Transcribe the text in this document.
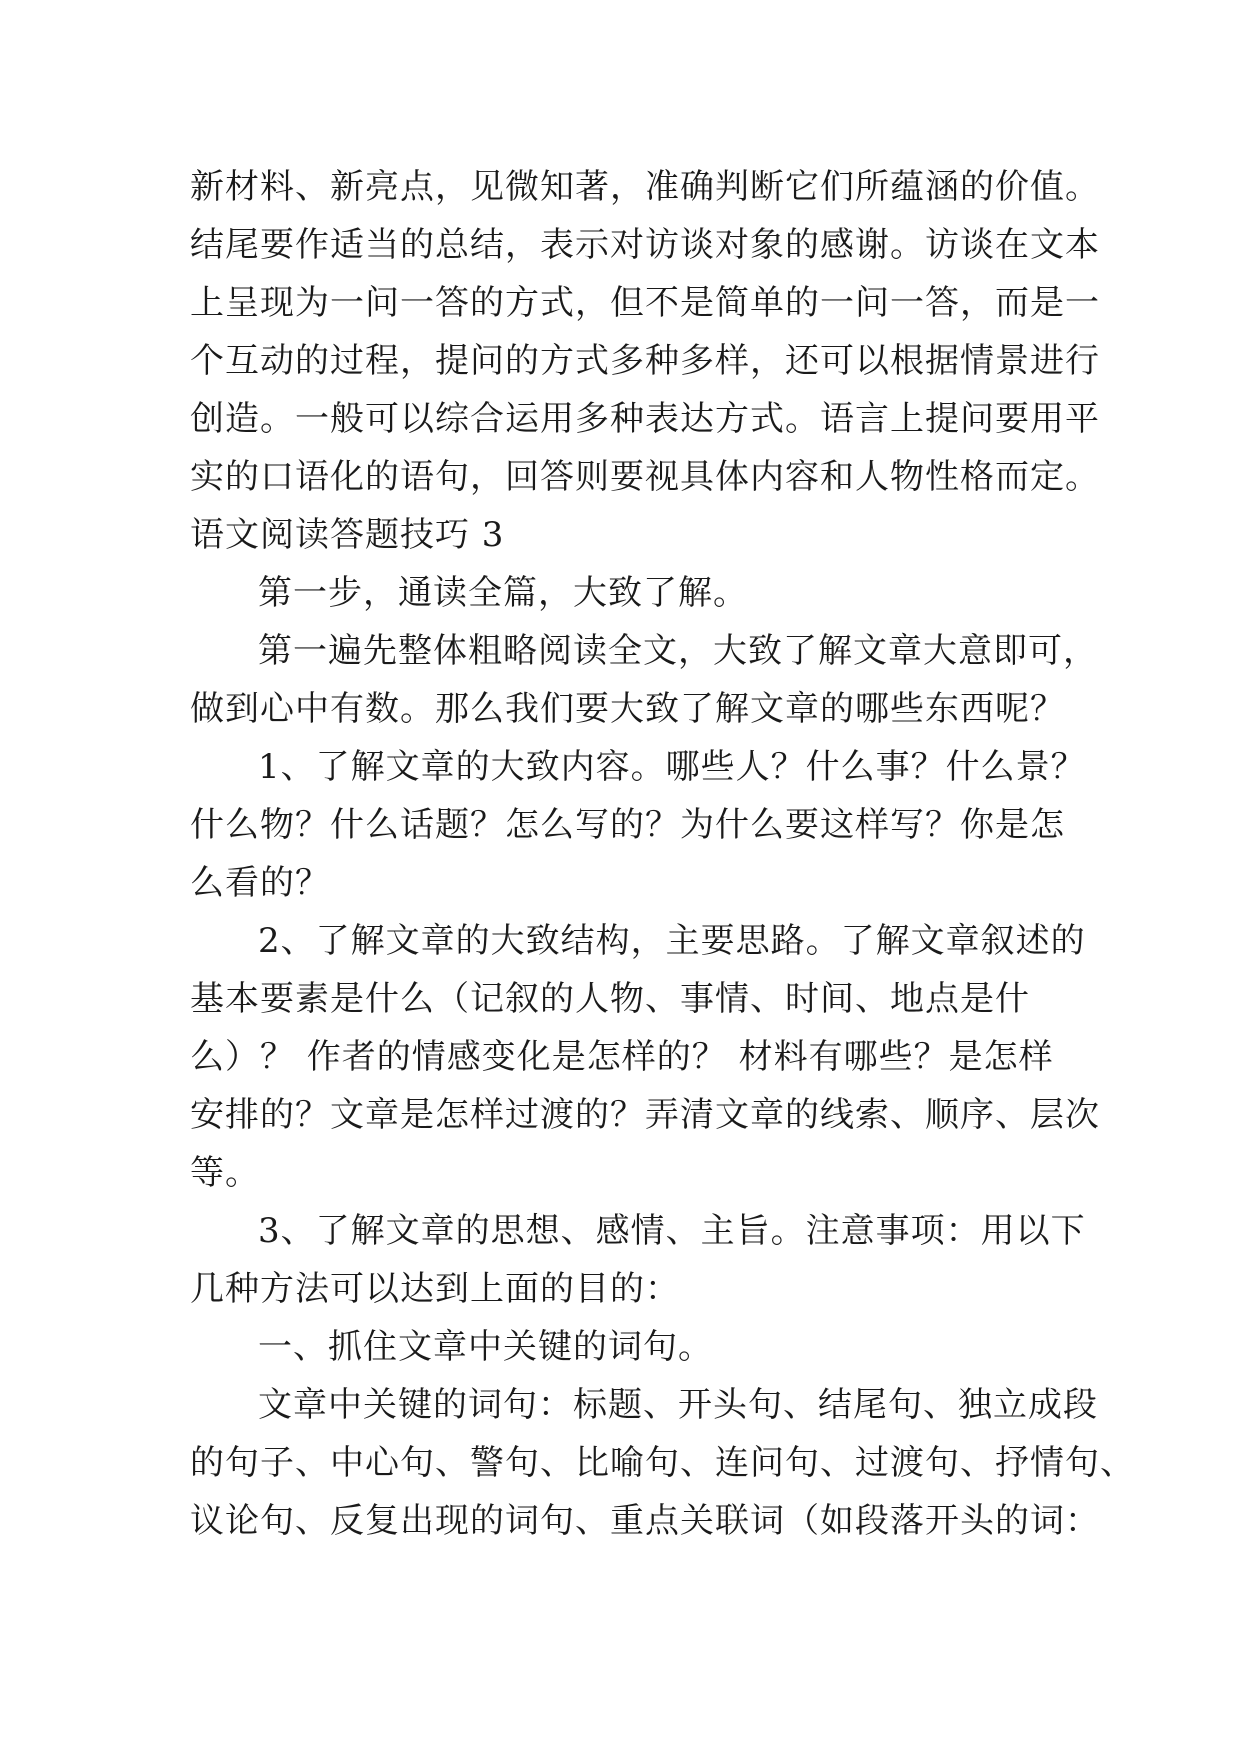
新材料、新亮点，见微知著，准确判断它们所蕴涵的价值。
结尾要作适当的总结，表示对访谈对象的感谢。访谈在文本
上呈现为一问一答的方式，但不是简单的一问一答，而是一
个互动的过程，提问的方式多种多样，还可以根据情景进行
创造。一般可以综合运用多种表达方式。语言上提问要用平
实的口语化的语句，回答则要视具体内容和人物性格而定。
语文阅读答题技巧 3
第一步，通读全篇，大致了解。
第一遍先整体粗略阅读全文，大致了解文章大意即可，
做到心中有数。那么我们要大致了解文章的哪些东西呢？
1、了解文章的大致内容。哪些人？什么事？什么景？
什么物？什么话题？怎么写的？为什么要这样写？你是怎
么看的？
2、了解文章的大致结构，主要思路。了解文章叙述的
基本要素是什么（记叙的人物、事情、时间、地点是什
么）？ 作者的情感变化是怎样的？ 材料有哪些？是怎样
安排的？文章是怎样过渡的？弄清文章的线索、顺序、层次
等。
3、了解文章的思想、感情、主旨。注意事项：用以下
几种方法可以达到上面的目的：
一、抓住文章中关键的词句。
文章中关键的词句：标题、开头句、结尾句、独立成段
的句子、中心句、警句、比喻句、连问句、过渡句、抒情句、
议论句、反复出现的词句、重点关联词（如段落开头的词：
